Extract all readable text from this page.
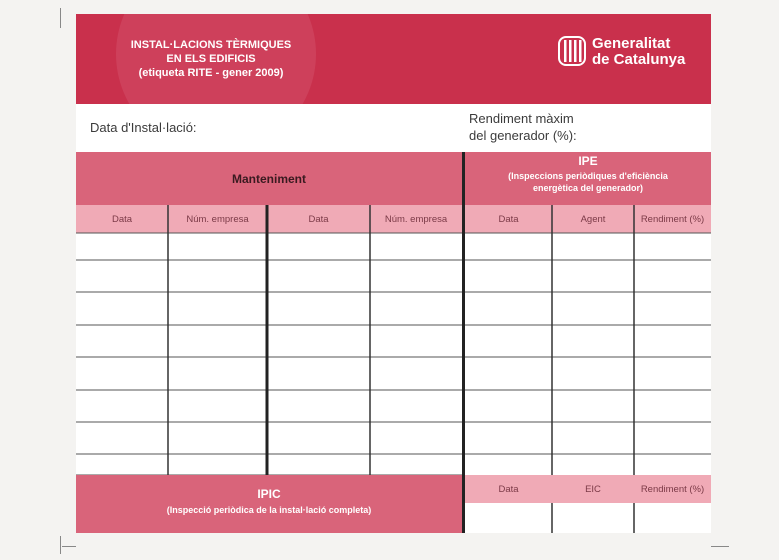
INSTAL·LACIONS TÈRMIQUES
EN ELS EDIFICIS
(etiqueta RITE - gener 2009)
Generalitat
de Catalunya
Data d'Instal·lació:
Rendiment màxim
del generador (%):
Manteniment
IPE
(Inspeccions periòdiques d'eficiència
energètica del generador)
Data	Núm. empresa	Data	Núm. empresa	Data	Agent	Rendiment (%)
IPIC
(Inspecció periòdica de la instal·lació completa)
Data	EIC	Rendiment (%)
